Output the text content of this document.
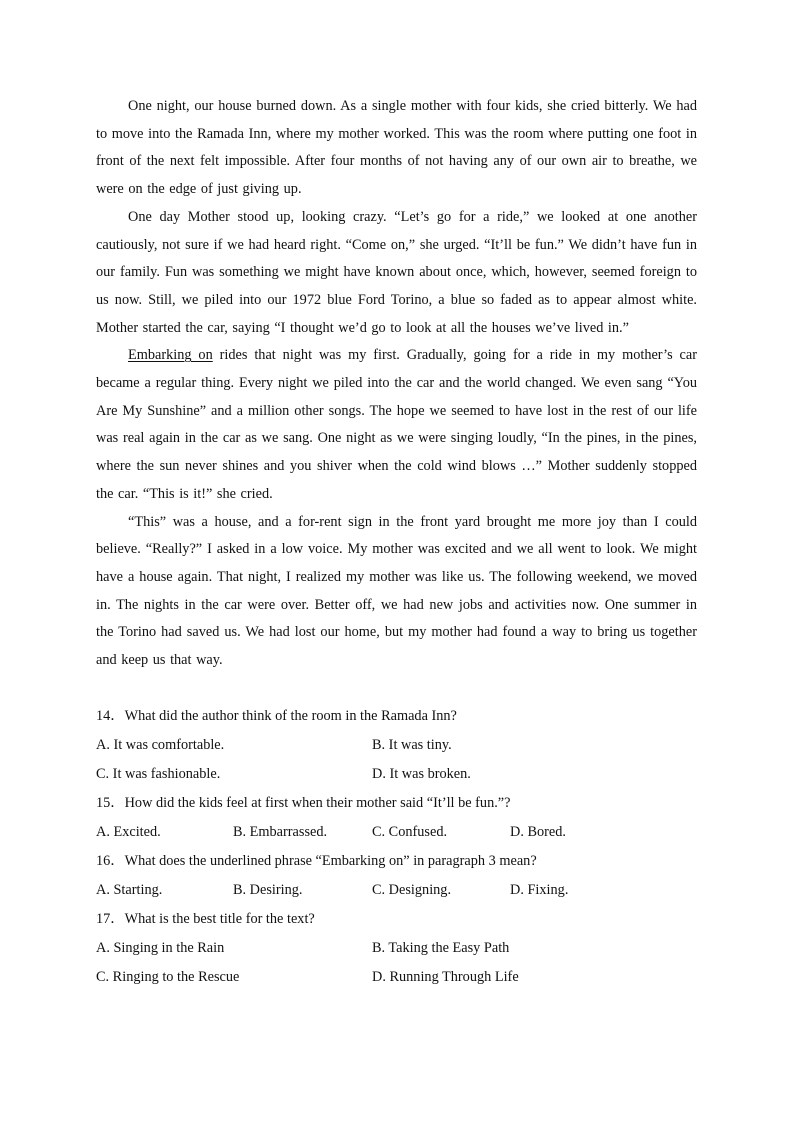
One night, our house burned down. As a single mother with four kids, she cried bitterly. We had to move into the Ramada Inn, where my mother worked. This was the room where putting one foot in front of the next felt impossible. After four months of not having any of our own air to breathe, we were on the edge of just giving up.

One day Mother stood up, looking crazy. “Let’s go for a ride,” we looked at one another cautiously, not sure if we had heard right. “Come on,” she urged. “It’ll be fun.” We didn’t have fun in our family. Fun was something we might have known about once, which, however, seemed foreign to us now. Still, we piled into our 1972 blue Ford Torino, a blue so faded as to appear almost white. Mother started the car, saying “I thought we’d go to look at all the houses we’ve lived in.”

Embarking on rides that night was my first. Gradually, going for a ride in my mother’s car became a regular thing. Every night we piled into the car and the world changed. We even sang “You Are My Sunshine” and a million other songs. The hope we seemed to have lost in the rest of our life was real again in the car as we sang. One night as we were singing loudly, “In the pines, in the pines, where the sun never shines and you shiver when the cold wind blows …” Mother suddenly stopped the car. “This is it!” she cried.

“This” was a house, and a for-rent sign in the front yard brought me more joy than I could believe. “Really?” I asked in a low voice. My mother was excited and we all went to look. We might have a house again. That night, I realized my mother was like us. The following weekend, we moved in. The nights in the car were over. Better off, we had new jobs and activities now. One summer in the Torino had saved us. We had lost our home, but my mother had found a way to bring us together and keep us that way.

14．What did the author think of the room in the Ramada Inn?
A. It was comfortable.	B. It was tiny.
C. It was fashionable.	D. It was broken.
15．How did the kids feel at first when their mother said “It’ll be fun.”?
A. Excited.	B. Embarrassed.	C. Confused.	D. Bored.
16．What does the underlined phrase “Embarking on” in paragraph 3 mean?
A. Starting.	B. Desiring.	C. Designing.	D. Fixing.
17．What is the best title for the text?
A. Singing in the Rain	B. Taking the Easy Path
C. Ringing to the Rescue	D. Running Through Life
